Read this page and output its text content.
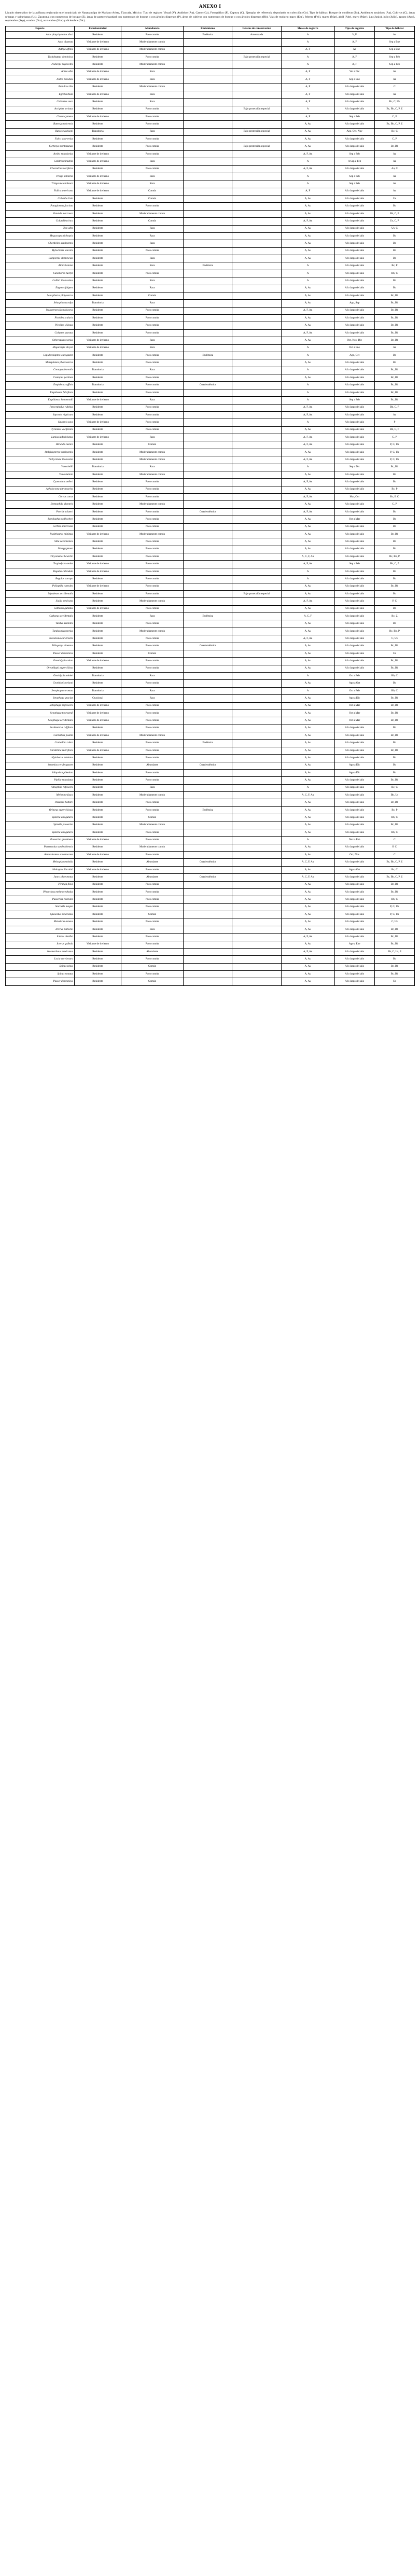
ANEXO I

Listado sistemático de la avifauna registrada en el municipio de Nanacamilpa de Mariano Arista, Tlaxcala, México. Tipo de registro: Visual (V), Auditivo (Au), Canto (Ca), Fotográfico (F), Captura (C). Ejemplar de referencia depositado en colección (Co). Tipo de hábitat: Bosque de coníferas (Bc), Ambientes acuáticos (Aa), Cultivos (C), áreas urbanas y suburbanas (Us), Zacatonal con numerosos de bosque (Z), áreas de pastoreo/pastizal con numerosos de bosque o con árboles dispersos (P), áreas de cultivos con numerosos de bosque o con árboles dispersos (Bb). Vías de registro: mayo (Ene), febrero (Feb), marzo (Mar), abril (Abr), mayo (May), jun (Junio), julio (Julio), agosto (Ago), septiembre (Sep), octubre (Oct), noviembre (Nov) y diciembre (Dic).

Especie	Estacionalidad	Abundancia	Endemismo	Estatus de conservación	Meses de registro	Tipo de registro	Tipo de hábitat
Anas platyrhynchos diazi	Residente	Poco común	Endémica	Amenazada	A	V, F	Aa
Anas clypeata	Visitante de invierno	Moderadamente común			A	A, F	Sep a Ene
Aythya affinis	Visitante de invierno	Moderadamente común			A, F	Aa	Sep a Ene
Tachybaptus dominicus	Residente	Poco común		Bajo protección especial	A	A, F	Sep a Feb
Podiceps nigricollis	Residente	Moderadamente común			A	A, F	Sep a Feb
Ardea alba	Visitante de invierno	Rara			A, F	Var a Dic	Aa
Ardea herodias	Visitante de invierno	Rara			A, F	Sep a Ene	Aa
Bubulcus ibis	Residente	Moderadamente común			A, F	A lo largo del año	C
Egretta thula	Visitante de invierno	Rara			A, F	A lo largo del año	Aa
Cathartes aura	Residente	Rara			A, F	A lo largo del año	Bc, C, Us
Accipiter striatus	Residente	Poco común		Bajo protección especial	A	A lo largo del año	Bc, Bb, C, P, Z
Circus cyaneus	Visitante de invierno	Poco común			A, F	Sep a Feb	C, P
Buteo jamaicensis	Residente	Poco común			A, Au	A lo largo del año	Bc, Bb, C, P, Z
Buteo swainsoni	Transitoria	Rara		Bajo protección especial	A, Au	Ago, Oct, Nov	Bc, C
Falco sparverius	Residente	Poco común			A, Au	A lo largo del año	C, P
Cyrtonyx montezumae	Residente	Poco común		Bajo protección especial	A, Au	A lo largo del año	Bc, Bb
Actitis macularius	Visitante de invierno	Poco común			A, F, Au	Sep a Feb	Aa
Calidris minutilla	Visitante de invierno	Rara			A	A Sep a Feb	Aa
Charadrius vociferus	Residente	Poco común			A, F, Au	A lo largo del año	Aa, C
Tringa solitaria	Visitante de invierno	Rara			A	Sep a Feb	Aa
Tringa melanoleuca	Visitante de invierno	Rara			A	Sep a Feb	Aa
Fulica americana	Visitante de invierno	Común			A, F	A lo largo del año	Aa
Columba livia	Residente	Común			A, Au	A lo largo del año	Us
Patagioenas fasciata	Residente	Poco común			A, Au	A lo largo del año	Bc
Zenaida macroura	Residente	Moderadamente común			A, Au	A lo largo del año	Bb, C, P
Columbina inca	Residente	Común			A, F, Au	A lo largo del año	Us, C, P
Tyto alba	Residente	Rara			A, Au	A lo largo del año	Us, C
Megascops trichopsis	Residente	Rara			A, Au	A lo largo del año	Bc
Chordeiles acutipennis	Residente	Rara			A, Au	A lo largo del año	Bc
Hylocharis leucotis	Residente	Poco común			A, Au	A lo largo del año	Bc
Lampornis clemenciae	Residente	Rara			A, Au	A lo largo del año	Bc
Atthis heloisa	Residente	Rara	Endémica		A	A lo largo del año	Bc, P
Calothorax lucifer	Residente	Poco común			A	A lo largo del año	Bb, C
Colibri thalassinus	Residente	Rara			A	A lo largo del año	Bc
Eugenes fulgens	Residente	Rara			A, Au	A lo largo del año	Bc
Selasphorus platycercus	Residente	Común			A, Au	A lo largo del año	Bc, Bb
Selasphorus rufus	Transitoria	Rara			A, Au	Ago, Sep	Bc, Bb
Melanerpes formicivorus	Residente	Poco común			A, F, Au	A lo largo del año	Bc, Bb
Picoides scalaris	Residente	Poco común			A, Au	A lo largo del año	Bc, Bb
Picoides villosus	Residente	Poco común			A, Au	A lo largo del año	Bc, Bb
Colaptes auratus	Residente	Poco común			A, F, Au	A lo largo del año	Bc, Bb
Sphyrapicus varius	Visitante de invierno	Rara			A, Au	Oct, Nov, Dic	Bc, Bb
Megaceryle alcyon	Visitante de invierno	Rara			A	Oct a Ene	Aa
Lepidocolaptes leucogaster	Residente	Poco común	Endémica		A	Ago, Oct	Bc
Mitrephanes phaeocercus	Residente	Poco común			A, Au	A lo largo del año	Bc
Contopus borealis	Transitoria	Rara			A	A lo largo del año	Bc, Bb
Contopus pertinax	Residente	Poco común			A, Au	A lo largo del año	Bc, Bb
Empidonax affinis	Transitoria	Poco común	Cuasiendémica		A	A lo largo del año	Bc, Bb
Empidonax fulvifrons	Residente	Poco común			A	A lo largo del año	Bc, Bb
Empidonax hammondii	Visitante de invierno	Rara			A	Sep a Feb	Bc, Bb
Pyrocephalus rubinus	Residente	Poco común			A, F, Au	A lo largo del año	Bb, C, P
Sayornis nigricans	Residente	Poco común			A, F, Au	A lo largo del año	Aa
Sayornis saya	Visitante de invierno	Poco común			A	A lo largo del año	P
Tyrannus vociferans	Residente	Poco común			A, Au	A lo largo del año	Bb, C, P
Lanius ludovicianus	Visitante de invierno	Rara			A, F, Au	A lo largo del año	C, P
Hirundo rustica	Residente	Común			A, F, Au	A lo largo del año	P, C, Us
Stelgidopteryx serripennis	Residente	Moderadamente común			A, Au	A lo largo del año	P, C, Us
Tachycineta thalassina	Residente	Moderadamente común			A, F, Au	A lo largo del año	P, C, Us
Vireo bellii	Transitoria	Rara			A	Sep a Dic	Bc, Bb
Vireo huttoni	Residente	Moderadamente común			A, Au	A lo largo del año	Bc
Cyanocitta stelleri	Residente	Poco común			A, F, Au	A lo largo del año	Bc
Aphelocoma ultramarina	Residente	Poco común			A, Au	A lo largo del año	Bc, P
Corvus corax	Residente	Poco común			A, F, Au	Mar, Oct	Bc, P, C
Eremophila alpestris	Residente	Moderadamente común			A, Au	A lo largo del año	C, P
Poecile sclateri	Residente	Poco común	Cuasiendémica		A, F, Au	A lo largo del año	Bc
Baeolophus wollweberi	Residente	Poco común			A, Au	Oct a Mar	Bc
Certhia americana	Residente	Poco común			A, Au	A lo largo del año	Bc
Psaltriparus minimus	Visitante de invierno	Moderadamente común			A, Au	A lo largo del año	Bc, Bb
Sitta carolinensis	Residente	Poco común			A, Au	A lo largo del año	Bc
Sitta pygmaea	Residente	Poco común			A, Au	A lo largo del año	Bc
Thryomanes bewickii	Residente	Poco común			A, C, F, Au	A lo largo del año	Bc, Bb, P
Troglodytes aedon	Visitante de invierno	Poco común			A, F, Au	Sep a Feb	Bb, C, Z
Regulus calendula	Visitante de invierno	Poco común			A	A lo largo del año	Bc
Regulus satrapa	Residente	Poco común			A	A lo largo del año	Bc
Polioptila caerulea	Visitante de invierno	Poco común			A, Au	A lo largo del año	Bc, Bb
Myadestes occidentalis	Residente	Poco común		Bajo protección especial	A, Au	A lo largo del año	Bc
Sialia mexicana	Residente	Moderadamente común			A, F, Au	A lo largo del año	P, C
Catharus guttatus	Visitante de invierno	Poco común			A, Au	A lo largo del año	Bc
Catharus occidentalis	Residente	Rara	Endémica		A, C, F	A lo largo del año	Bc, Z
Turdus assimilis	Residente	Poco común			A, Au	A lo largo del año	Bc
Turdus migratorius	Residente	Moderadamente común			A, Au	A lo largo del año	Bc, Bb, P
Toxostoma curvirostre	Residente	Poco común			A, F, Au	A lo largo del año	C, Us
Ptilogonys cinereus	Residente	Poco común	Cuasiendémica		A, Au	A lo largo del año	Bc, Bb
Passer domesticus	Residente	Común			A, Au	A lo largo del año	Us
Oreothlypis celata	Visitante de invierno	Poco común			A, Au	A lo largo del año	Bc, Bb
Oreothlypis superciliosa	Residente	Poco común			A, Au	A lo largo del año	Bc, Bb
Geothlypis tolmiei	Transitoria	Rara			A	Oct a Feb	Bb, C
Geothlypis nelsoni	Residente	Poco común			A, Au	Ago a Oct	Bc
Setophaga coronata	Transitoria	Rara			A	Oct a Feb	Bb, C
Setophaga graciae	Ocasional	Rara			A, Au	Ago a Dic	Bc, Bb
Setophaga nigrescens	Visitante de invierno	Poco común			A, Au	Oct a Mar	Bc, Bb
Setophaga townsendi	Visitante de invierno	Poco común			A, Au	Oct a Mar	Bc, Bb
Setophaga occidentalis	Visitante de invierno	Poco común			A, Au	Oct a Mar	Bc, Bb
Basileuterus rufifrons	Residente	Poco común			A, Au	A lo largo del año	Bc
Cardellina pusilla	Visitante de invierno	Moderadamente común			A, Au	A lo largo del año	Bc, Bb
Cardellina rubra	Residente	Poco común	Endémica		A, Au	A lo largo del año	Bc
Cardellina rubrifrons	Visitante de invierno	Poco común			A, Au	A lo largo del año	Bc, Bb
Myioborus miniatus	Residente	Poco común			A, Au	A lo largo del año	Bc
Jeromius ceruleogaster	Residente	Abundante	Cuasiendémica		A, Au	Ago a Dic	Bc
Idiopsista pileolata	Residente	Poco común			A, Au	Ago a Dic	Bc
Piplilo maculatus	Residente	Poco común			A, Au	A lo largo del año	Bc, Bb
Atmophila rufescens	Residente	Rara			A	A lo largo del año	Bc, C
Melozone fusca	Residente	Moderadamente común			A, C, F, Au	A lo largo del año	Bb, Us
Passaria bottarii	Residente	Poco común			A, Au	A lo largo del año	Bc, Bb
Oriturus superciliosus	Residente	Poco común	Endémica		A, Au	A lo largo del año	Bc, P
Spizella atrogularis	Residente	Común			A, Au	A lo largo del año	Bb, C
Spizella passerina	Residente	Moderadamente común			A, Au	A lo largo del año	Bc, Bb
Spizella atrogularis	Residente	Poco común			A, Au	A lo largo del año	Bb, C
Passerina gramineus	Visitante de invierno	Poco común			A	Nov a Feb	C
Passerculus sandwichensis	Residente	Moderadamente común			A, Au	A lo largo del año	P, C
Ammodramus savannarum	Visitante de invierno	Poco común			A, Au	Oct, Nov	C
Melospiza melodia	Residente	Abundante	Cuasiendémica		A, C, F, Au	A lo largo del año	Bc, Bb, C, P, Z
Melospiza lincolnii	Visitante de invierno	Poco común			A, Au	Ago a Oct	Bc, C
Junco phaeonotus	Residente	Abundante	Cuasiendémica		A, C, F, Au	A lo largo del año	Bc, Bb, C, P, Z
Piranga flava	Residente	Poco común			A, Au	A lo largo del año	Bc, Bb
Pheucticus melanocephalus	Residente	Poco común			A, Au	A lo largo del año	Bc, Bb
Passerina caerulea	Residente	Poco común			A, Au	A lo largo del año	Bb, C
Sturnella magna	Residente	Poco común			A, Au	A lo largo del año	P, C, Us
Quiscalus mexicanus	Residente	Común			A, Au	A lo largo del año	P, C, Us
Molothrus aeneus	Residente	Poco común			A, Au	A lo largo del año	C, Us
Icterus bullockii	Residente	Rara			A, Au	A lo largo del año	Bc, Bb
Icterus abeillei	Residente	Poco común			A, F, Au	A lo largo del año	Bc, Bb
Icterus galbula	Visitante de invierno	Poco común			A, Au	Ago a Ene	Bc, Bb
Haemorhous mexicanus	Residente	Abundante			A, F, Au	A lo largo del año	Bb, C, Us, P
Loxia curvirostra	Residente	Poco común			A, Au	A lo largo del año	Bc
Spinus pinus	Residente	Común			A, Au	A lo largo del año	Bc, Bb
Spinus notatus	Residente	Poco común			A, Au	A lo largo del año	Bc, Bb
Passer domesticus	Residente	Común			A, Au	A lo largo del año	Us
